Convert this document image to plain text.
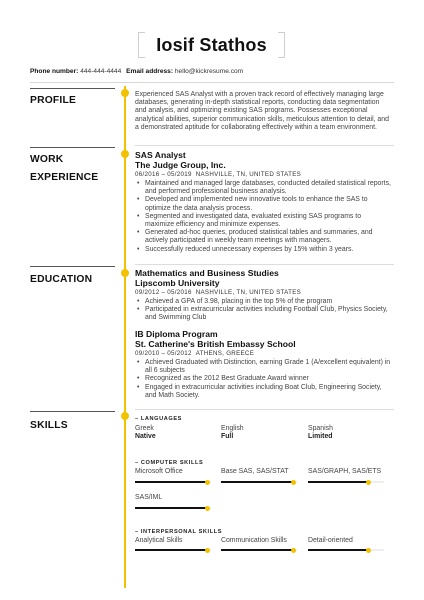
Iosif Stathos
Phone number: 444-444-4444 Email address: hello@kickresume.com
PROFILE
Experienced SAS Analyst with a proven track record of effectively managing large databases, generating in-depth statistical reports, conducting data segmentation and analysis, and optimizing existing SAS programs. Possesses exceptional analytical abilities, superior communication skills, meticulous attention to detail, and a demonstrated aptitude for collaborating effectively within a team environment.
WORK
EXPERIENCE
SAS Analyst
The Judge Group, Inc.
06/2016 – 05/2019 NASHVILLE, TN, UNITED STATES
• Maintained and managed large databases, conducted detailed statistical reports, and performed professional business analysis.
• Developed and implemented new innovative tools to enhance the SAS to optimize the data analysis process.
• Segmented and investigated data, evaluated existing SAS programs to maximize efficiency and minimize expenses.
• Generated ad-hoc queries, produced statistical tables and summaries, and actively participated in weekly team meetings with managers.
• Successfully reduced unnecessary expenses by 15% within 3 years.
EDUCATION
Mathematics and Business Studies
Lipscomb University
09/2012 – 05/2016 NASHVILLE, TN, UNITED STATES
• Achieved a GPA of 3.98, placing in the top 5% of the program
• Participated in extracurricular activities including Football Club, Physics Society, and Swimming Club
IB Diploma Program
St. Catherine's British Embassy School
09/2010 – 05/2012 ATHENS, GREECE
• Achieved Graduated with Distinction, earning Grade 1 (A/excellent equivalent) in all 6 subjects
• Recognized as the 2012 Best Graduate Award winner
• Engaged in extracurricular activities including Boat Club, Engineering Society, and Math Society.
SKILLS
– LANGUAGES
Greek
Native
English
Full
Spanish
Limited
– COMPUTER SKILLS
Microsoft Office	Base SAS, SAS/STAT	SAS/GRAPH, SAS/ETS
SAS/IML
– INTERPERSONAL SKILLS
Analytical Skills	Communication Skills	Detail-oriented
